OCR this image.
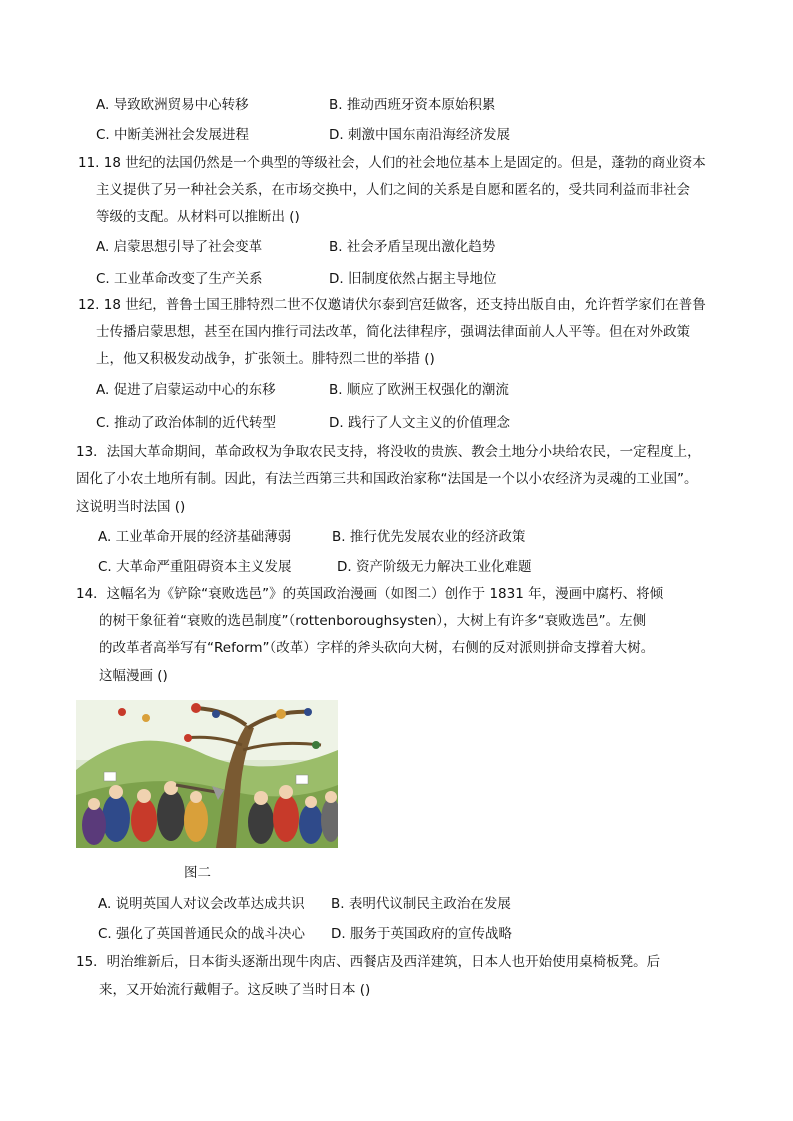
A. 导致欧洲贸易中心转移	B. 推动西班牙资本原始积累
C. 中断美洲社会发展进程	D. 刺激中国东南沿海经济发展
11. 18 世纪的法国仍然是一个典型的等级社会，人们的社会地位基本上是固定的。但是，蓬勃的商业资本
主义提供了另一种社会关系，在市场交换中，人们之间的关系是自愿和匿名的，受共同利益而非社会
等级的支配。从材料可以推断出 ()
A. 启蒙思想引导了社会变革	B. 社会矛盾呈现出激化趋势
C. 工业革命改变了生产关系	D. 旧制度依然占据主导地位
12. 18 世纪，普鲁士国王腓特烈二世不仅邀请伏尔泰到宫廷做客，还支持出版自由，允许哲学家们在普鲁
士传播启蒙思想，甚至在国内推行司法改革，简化法律程序，强调法律面前人人平等。但在对外政策
上，他又积极发动战争，扩张领土。腓特烈二世的举措 ()
A. 促进了启蒙运动中心的东移	B. 顺应了欧洲王权强化的潮流
C. 推动了政治体制的近代转型	D. 践行了人文主义的价值理念
13．法国大革命期间，革命政权为争取农民支持，将没收的贵族、教会土地分小块给农民，一定程度上，
固化了小农土地所有制。因此，有法兰西第三共和国政治家称“法国是一个以小农经济为灵魂的工业国”。
这说明当时法国 ()
A. 工业革命开展的经济基础薄弱	B. 推行优先发展农业的经济政策
C. 大革命严重阻碍资本主义发展	D. 资产阶级无力解决工业化难题
14．这幅名为《铲除“衰败选邑”》的英国政治漫画（如图二）创作于 1831 年，漫画中腐朽、将倾
的树干象征着“衰败的选邑制度”（rottenboroughsysten），大树上有许多“衰败选邑”。左侧
的改革者高举写有“Reform”（改革）字样的斧头砍向大树，右侧的反对派则拼命支撑着大树。
这幅漫画 ()
图二
A. 说明英国人对议会改革达成共识 B. 表明代议制民主政治在发展
C. 强化了英国普通民众的战斗决心 D. 服务于英国政府的宣传战略
15．明治维新后，日本街头逐渐出现牛肉店、西餐店及西洋建筑，日本人也开始使用桌椅板凳。后
来，又开始流行戴帽子。这反映了当时日本 ()
